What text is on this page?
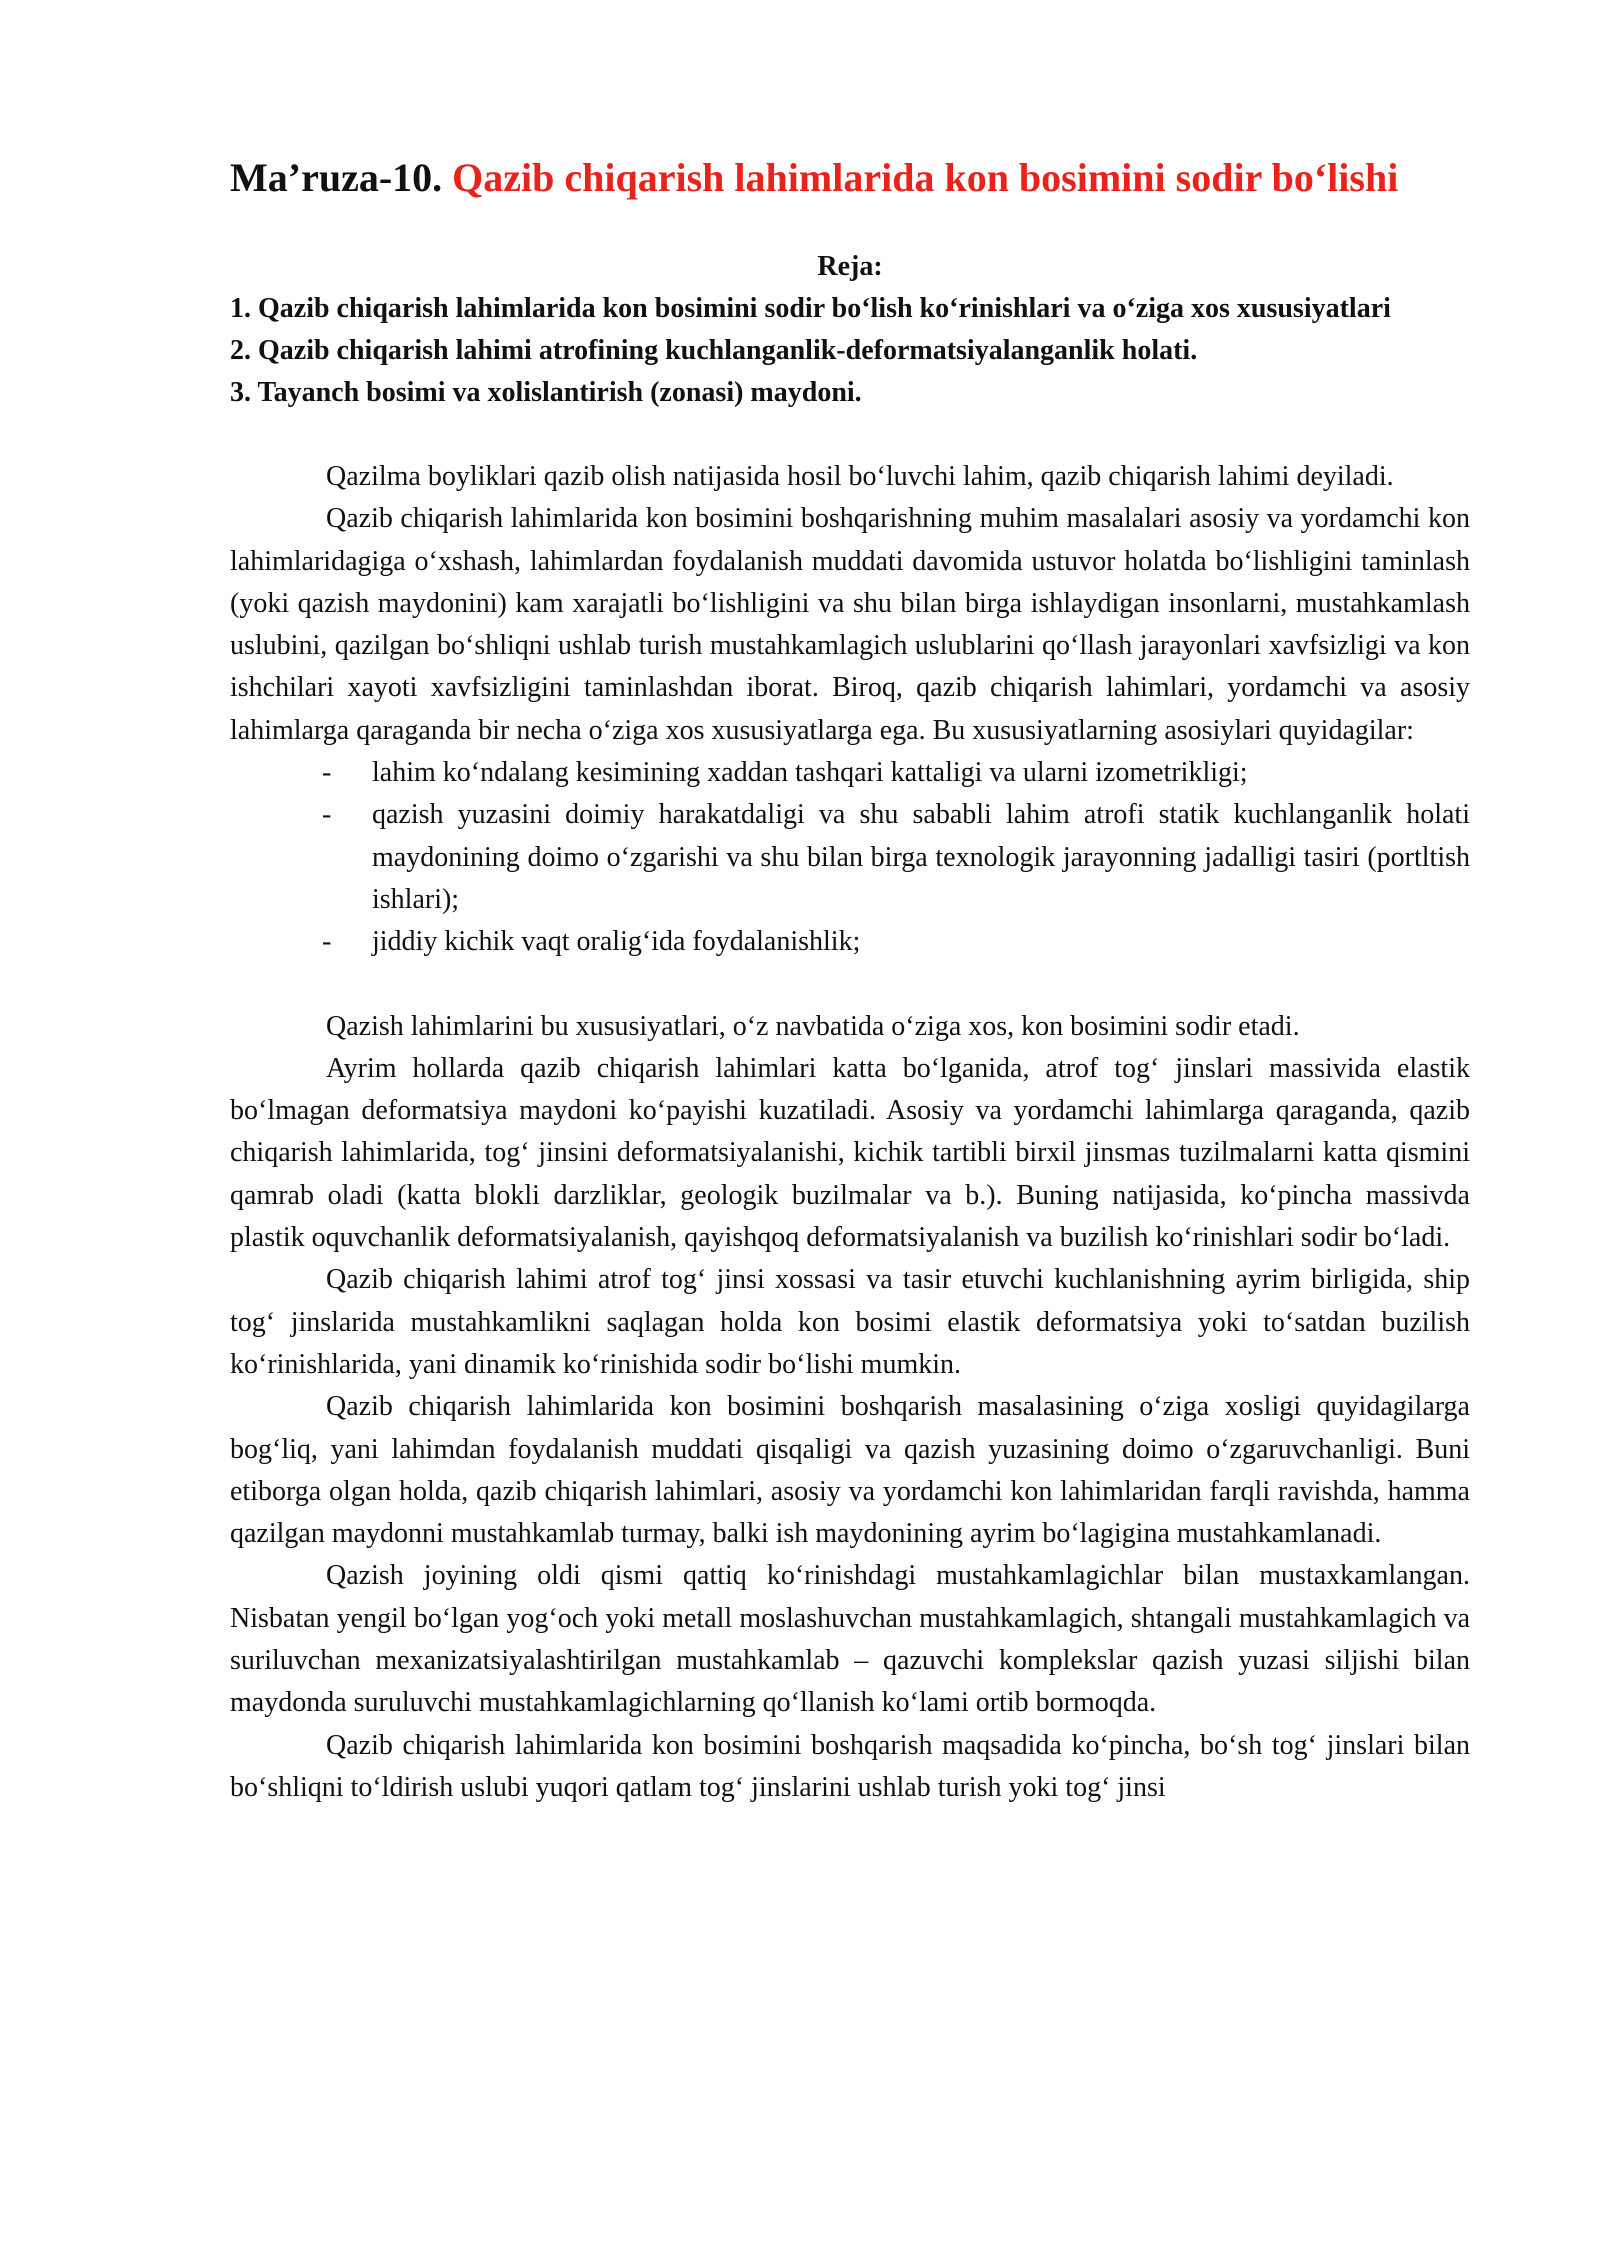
Ma’ruza-10. Qazib chiqarish lahimlarida kon bosimini sodir bo‘lishi
Reja:
1. Qazib chiqarish lahimlarida kon bosimini sodir bo‘lish ko‘rinishlari va o‘ziga xos xususiyatlari
2. Qazib chiqarish lahimi atrofining kuchlanganlik-deformatsiyalanganlik holati.
3. Tayanch bosimi va xolislantirish (zonasi) maydoni.

Qazilma boyliklari qazib olish natijasida hosil bo‘luvchi lahim, qazib chiqarish lahimi deyiladi.

Qazib chiqarish lahimlarida kon bosimini boshqarishning muhim masalalari asosiy va yordamchi kon lahimlaridagiga o‘xshash, lahimlardan foydalanish muddati davomida ustuvor holatda bo‘lishligini taminlash (yoki qazish maydonini) kam xarajatli bo‘lishligini va shu bilan birga ishlaydigan insonlarni, mustahkamlash uslubini, qazilgan bo‘shliqni ushlab turish mustahkamlagich uslublarini qo‘llash jarayonlari xavfsizligi va kon ishchilari xayoti xavfsizligini taminlashdan iborat. Biroq, qazib chiqarish lahimlari, yordamchi va asosiy lahimlarga qaraganda bir necha o‘ziga xos xususiyatlarga ega. Bu xususiyatlarning asosiylari quyidagilar:

- lahim ko‘ndalang kesimining xaddan tashqari kattaligi va ularni izometrikligi;
- qazish yuzasini doimiy harakatdaligi va shu sababli lahim atrofi statik kuchlanganlik holati maydonining doimo o‘zgarishi va shu bilan birga texnologik jarayonning jadalligi tasiri (portltish ishlari);
- jiddiy kichik vaqt oralig‘ida foydalanishlik;

Qazish lahimlarini bu xususiyatlari, o‘z navbatida o‘ziga xos, kon bosimini sodir etadi.

Ayrim hollarda qazib chiqarish lahimlari katta bo‘lganida, atrof tog‘ jinslari massivida elastik bo‘lmagan deformatsiya maydoni ko‘payishi kuzatiladi. Asosiy va yordamchi lahimlarga qaraganda, qazib chiqarish lahimlarida, tog‘ jinsini deformatsiyalanishi, kichik tartibli birxil jinsmas tuzilmalarni katta qismini qamrab oladi (katta blokli darzliklar, geologik buzilmalar va b.). Buning natijasida, ko‘pincha massivda plastik oquvchanlik deformatsiyalanish, qayishqoq deformatsiyalanish va buzilish ko‘rinishlari sodir bo‘ladi.

Qazib chiqarish lahimi atrof tog‘ jinsi xossasi va tasir etuvchi kuchlanishning ayrim birligida, ship tog‘ jinslarida mustahkamlikni saqlagan holda kon bosimi elastik deformatsiya yoki to‘satdan buzilish ko‘rinishlarida, yani dinamik ko‘rinishida sodir bo‘lishi mumkin.

Qazib chiqarish lahimlarida kon bosimini boshqarish masalasining o‘ziga xosligi quyidagilarga bog‘liq, yani lahimdan foydalanish muddati qisqaligi va qazish yuzasining doimo o‘zgaruvchanligi. Buni etiborga olgan holda, qazib chiqarish lahimlari, asosiy va yordamchi kon lahimlaridan farqli ravishda, hamma qazilgan maydonni mustahkamlab turmay, balki ish maydonining ayrim bo‘lagigina mustahkamlanadi.

Qazish joyining oldi qismi qattiq ko‘rinishdagi mustahkamlagichlar bilan mustaxkamlangan. Nisbatan yengil bo‘lgan yog‘och yoki metall moslashuvchan mustahkamlagich, shtangali mustahkamlagich va suriluvchan mexanizatsiyalashtirilgan mustahkamlab – qazuvchi komplekslar qazish yuzasi siljishi bilan maydonda suruluvchi mustahkamlagichlarning qo‘llanish ko‘lami ortib bormoqda.

Qazib chiqarish lahimlarida kon bosimini boshqarish maqsadida ko‘pincha, bo‘sh tog‘ jinslari bilan bo‘shliqni to‘ldirish uslubi yuqori qatlam tog‘ jinslarini ushlab turish yoki tog‘ jinsi
